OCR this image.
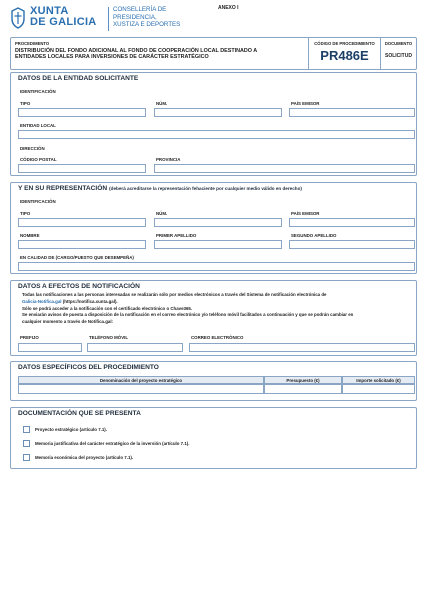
XUNTA
DE GALICIA
CONSELLERÍA DE
PRESIDENCIA,
XUSTIZA E DEPORTES
ANEXO I
PROCEDIMENTO
DISTRIBUCIÓN DEL FONDO ADICIONAL AL FONDO DE COOPERACIÓN LOCAL DESTINADO A
ENTIDADES LOCALES PARA INVERSIONES DE CARÁCTER ESTRATÉGICO
CÓDIGO DE PROCEDIMIENTO
PR486E
DOCUMENTO
SOLICITUD
DATOS DE LA ENTIDAD SOLICITANTE
IDENTIFICACIÓN
TIPO	NÚM.	PAÍS EMISOR
ENTIDAD LOCAL
DIRECCIÓN
CÓDIGO POSTAL	PROVINCIA
Y EN SU REPRESENTACIÓN (deberá acreditarse la representación fehaciente por cualquier medio válido en derecho)
IDENTIFICACIÓN
TIPO	NÚM.	PAÍS EMISOR
NOMBRE	PRIMER APELLIDO	SEGUNDO APELLIDO
EN CALIDAD DE (CARGO/PUESTO QUE DESEMPEÑA)
DATOS A EFECTOS DE NOTIFICACIÓN
Todas las notificaciones a las personas interesadas se realizarán sólo por medios electrónicos a través del Sistema de notificación electrónica de
Galicia-Notifica.gal (https://notifica.xunta.gal).
Sólo se podrá acceder a la notificación con el certificado electrónico o Chave365.
Se enviarán avisos de puesta a disposición de la notificación en el correo electrónico y/o teléfono móvil facilitados a continuación y que se podrán cambiar en
cualquier momento a través de Notifica.gal:
PREFIJO	TELÉFONO MÓVIL	CORREO ELECTRÓNICO
DATOS ESPECÍFICOS DEL PROCEDIMIENTO
Denominación del proyecto estratégico	Presupuesto (€)	Importe solicitado (€)
DOCUMENTACIÓN QUE SE PRESENTA
Proyecto estratégico (artículo 7.1).
Memoria justificativa del carácter estratégico de la inversión (artículo 7.1).
Memoria económica del proyecto (artículo 7.1).
